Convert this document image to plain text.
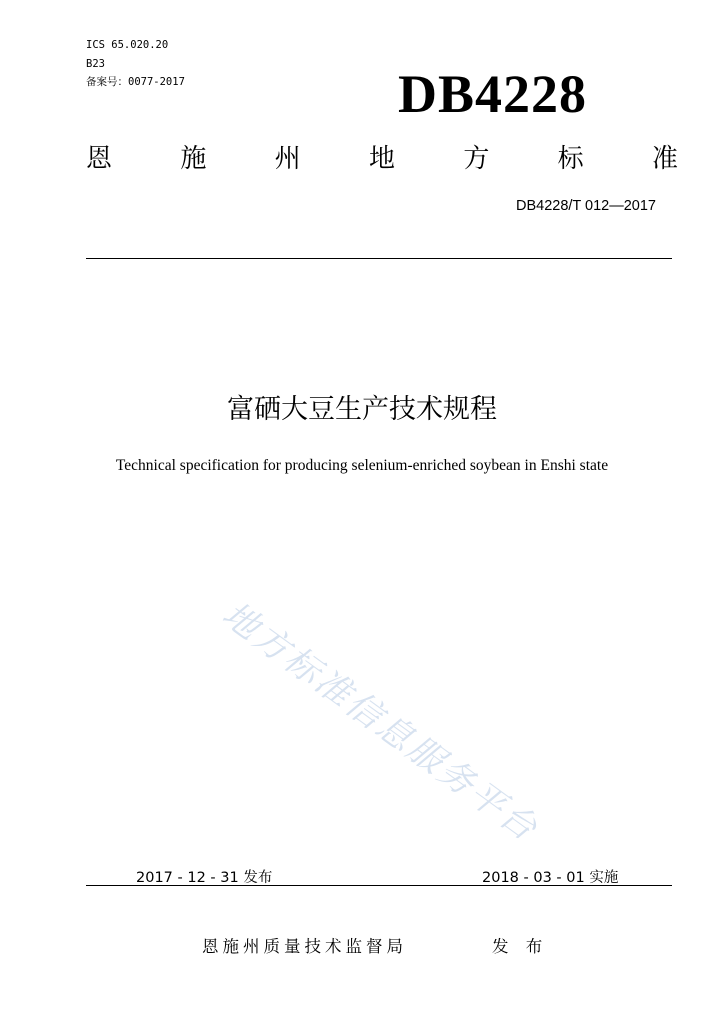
ICS 65.020.20
B23
备案号：0077-2017	DB4228
恩	施	州	地	方	标	准
DB4228/T 012—2017
富硒大豆生产技术规程
Technical specification for producing selenium-enriched soybean in Enshi state
地方标准信息服务平台
2017 - 12 - 31 发布	2018 - 03 - 01 实施
恩施州质量技术监督局	发 布
